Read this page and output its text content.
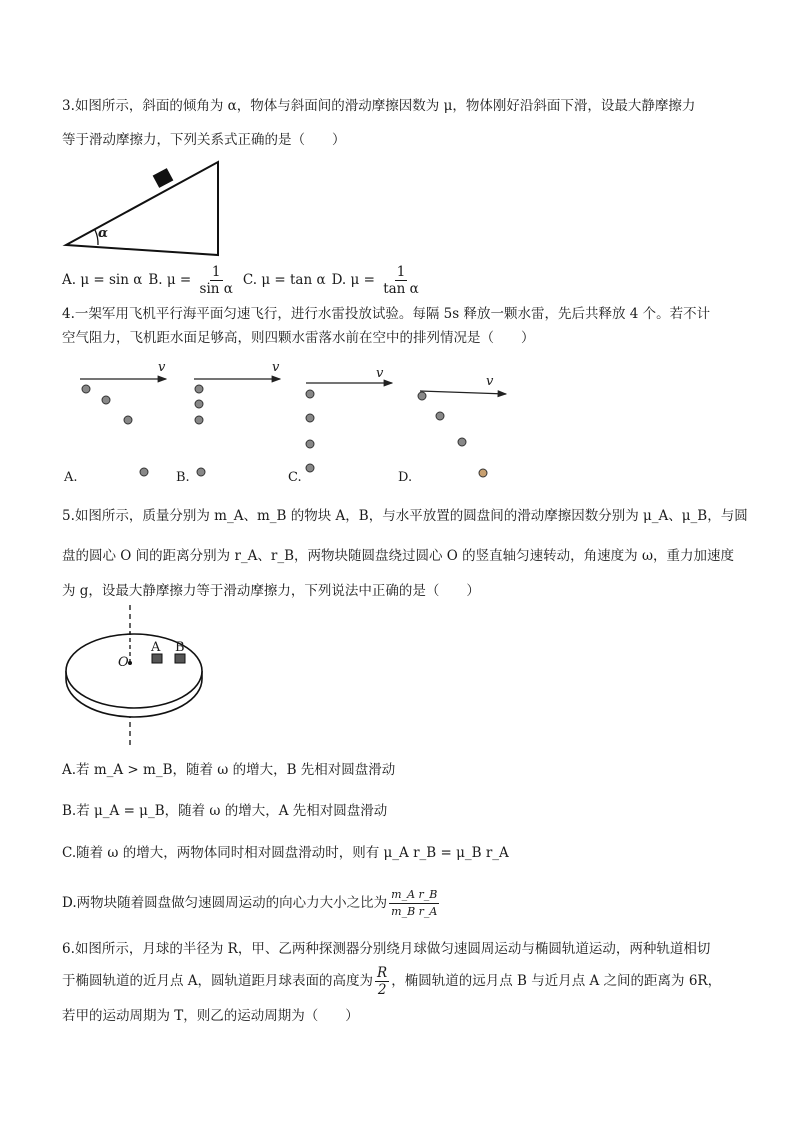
3.如图所示，斜面的倾角为 α，物体与斜面间的滑动摩擦因数为 μ，物体刚好沿斜面下滑，设最大静摩擦力
等于滑动摩擦力，下列关系式正确的是（　　）
α
A. μ = sin α B. $\mu = \frac{1}{\text{sin α}} C$. μ = tan α D. $\mu = \frac{1}{\text{tan α}}$
4.一架军用飞机平行海平面匀速飞行，进行水雷投放试验。每隔 5s 释放一颗水雷，先后共释放 4 个。若不计
空气阻力，飞机距水面足够高，则四颗水雷落水前在空中的排列情况是（　　）
v
A.
v
B.
v
C.
v
D.
5.如图所示，质量分别为 m_A、m_B 的物块 A，B，与水平放置的圆盘间的滑动摩擦因数分别为 μ_A、μ_B，与圆
盘的圆心 O 间的距离分别为 r_A、r_B，两物块随圆盘绕过圆心 O 的竖直轴匀速转动，角速度为 ω，重力加速度
为 g，设最大静摩擦力等于滑动摩擦力，下列说法中正确的是（　　）
O
A B
A.若 m_A > m_B，随着 ω 的增大，B 先相对圆盘滑动
B.若 μ_A = μ_B，随着 ω 的增大，A 先相对圆盘滑动
C.随着 ω 的增大，两物体同时相对圆盘滑动时，则有 μ_A r_B = μ_B r_A
D.两物块随着圆盘做匀速圆周运动的向心力大小之比为 $\frac{\text{m\_A r\_B}}{\text{m\_B r\_A}}$
6.如图所示，月球的半径为 R，甲、乙两种探测器分别绕月球做匀速圆周运动与椭圆轨道运动，两种轨道相切
于椭圆轨道的近月点 A，圆轨道距月球表面的高度为 $\frac{R}{2}$ ，椭圆轨道的远月点 B 与近月点 A 之间的距离为 6R，
若甲的运动周期为 T，则乙的运动周期为（　　）
